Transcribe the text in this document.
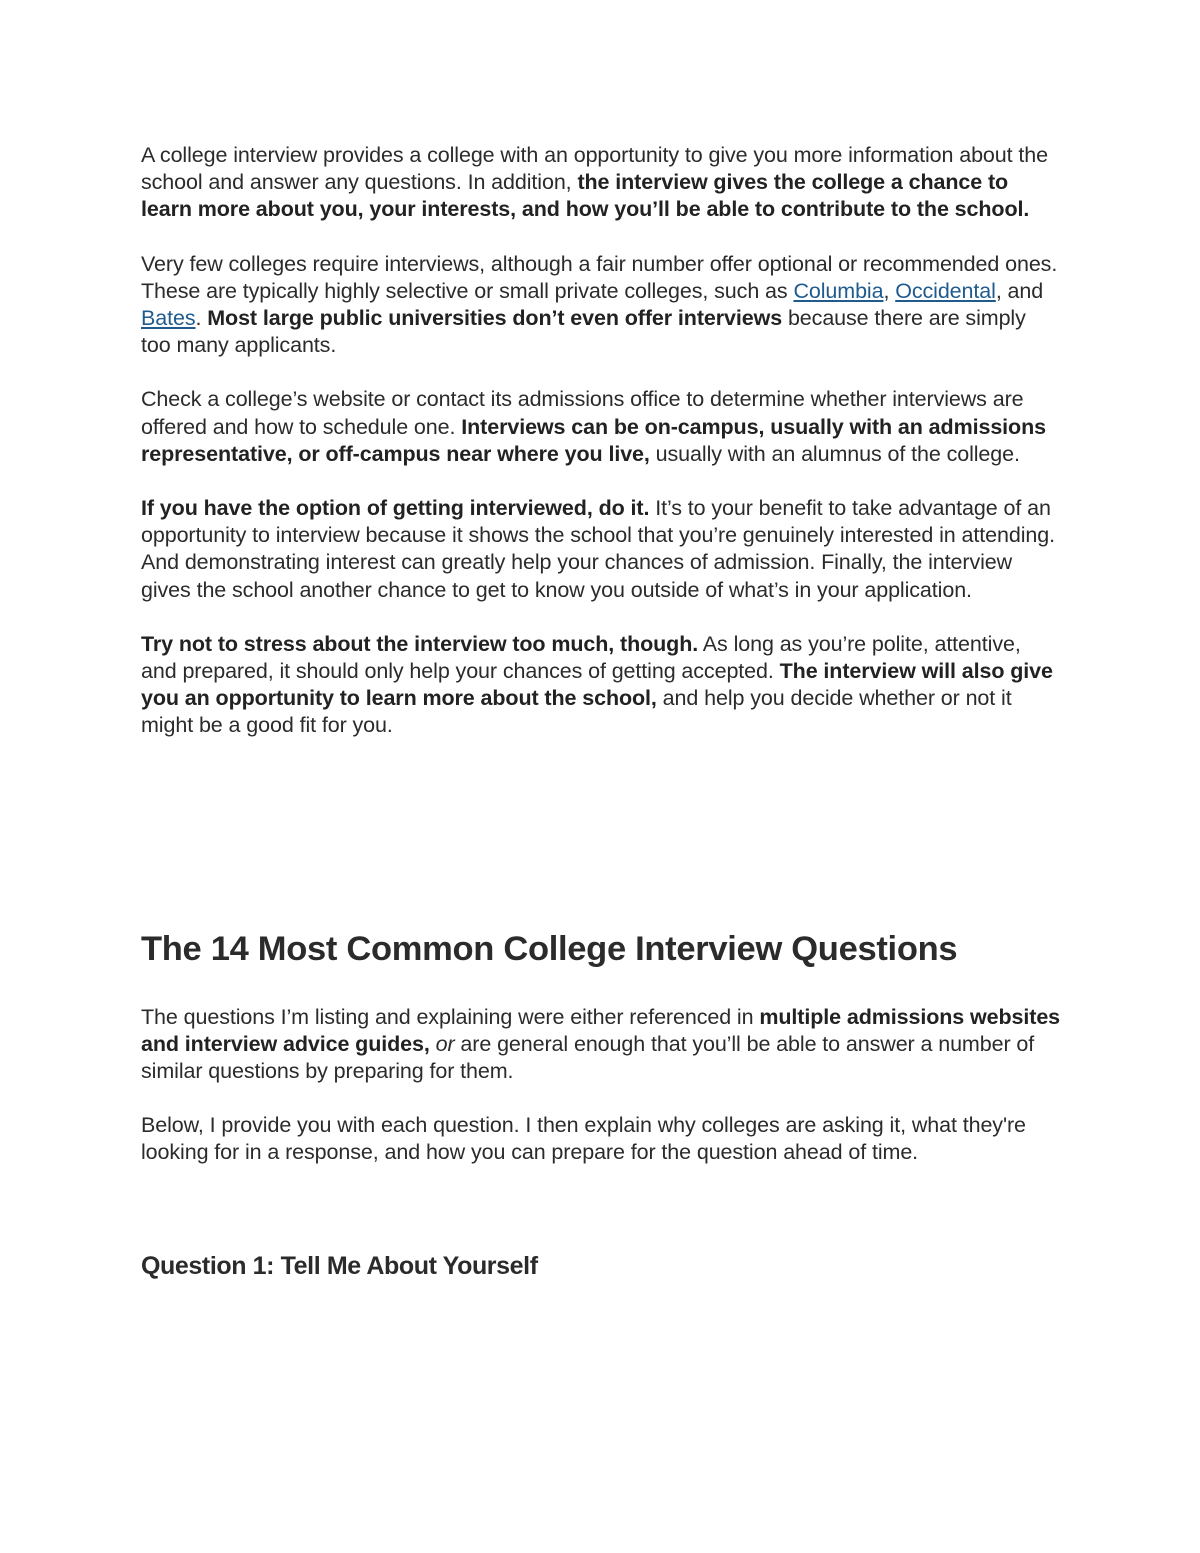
A college interview provides a college with an opportunity to give you more information about the school and answer any questions. In addition, the interview gives the college a chance to learn more about you, your interests, and how you’ll be able to contribute to the school.

Very few colleges require interviews, although a fair number offer optional or recommended ones. These are typically highly selective or small private colleges, such as Columbia, Occidental, and Bates. Most large public universities don’t even offer interviews because there are simply too many applicants.

Check a college’s website or contact its admissions office to determine whether interviews are offered and how to schedule one. Interviews can be on-campus, usually with an admissions representative, or off-campus near where you live, usually with an alumnus of the college.

If you have the option of getting interviewed, do it. It’s to your benefit to take advantage of an opportunity to interview because it shows the school that you’re genuinely interested in attending. And demonstrating interest can greatly help your chances of admission. Finally, the interview gives the school another chance to get to know you outside of what’s in your application.

Try not to stress about the interview too much, though. As long as you’re polite, attentive, and prepared, it should only help your chances of getting accepted. The interview will also give you an opportunity to learn more about the school, and help you decide whether or not it might be a good fit for you.

The 14 Most Common College Interview Questions

The questions I’m listing and explaining were either referenced in multiple admissions websites and interview advice guides, or are general enough that you’ll be able to answer a number of similar questions by preparing for them.

Below, I provide you with each question. I then explain why colleges are asking it, what they're looking for in a response, and how you can prepare for the question ahead of time.

Question 1: Tell Me About Yourself
